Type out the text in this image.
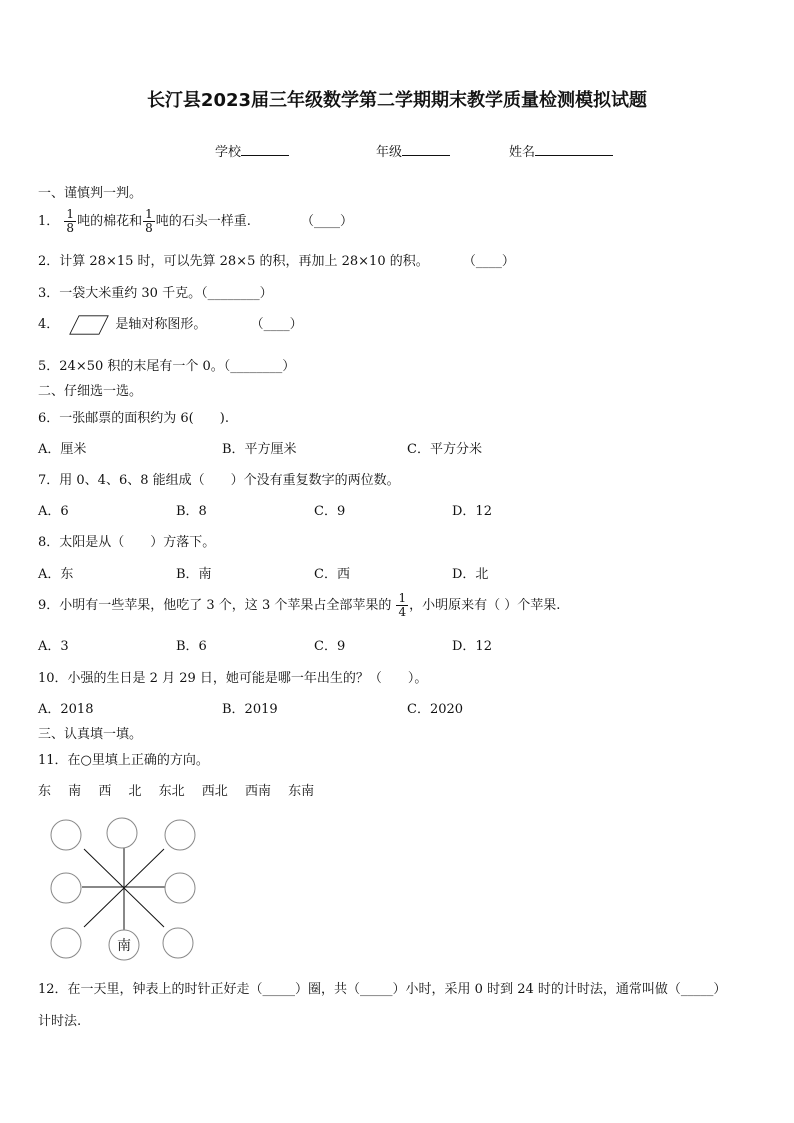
长汀县2023届三年级数学第二学期期末教学质量检测模拟试题
学校	年级	姓名
一、谨慎判一判。
1． $\frac{1}{8}$ 吨的棉花和 $\frac{1}{8}$ 吨的石头一样重.	（____）
2．计算 28×15 时，可以先算 28×5 的积，再加上 28×10 的积。	（____）
3．一袋大米重约 30 千克。（________）
4．	是轴对称图形。	（____）
5．24×50 积的末尾有一个 0。（________）
二、仔细选一选。
6．一张邮票的面积约为 6(　　).
A．厘米	B．平方厘米	C．平方分米
7．用 0、4、6、8 能组成（　　）个没有重复数字的两位数。
A．6	B．8	C．9	D．12
8．太阳是从（　　）方落下。
A．东	B．南	C．西	D．北
9．小明有一些苹果，他吃了 3 个，这 3 个苹果占全部苹果的 $\frac{1}{4}$ ，小明原来有（ ）个苹果.
A．3	B．6	C．9	D．12
10．小强的生日是 2 月 29 日，她可能是哪一年出生的？（　　）。
A．2018	B．2019	C．2020
三、认真填一填。
11．在○里填上正确的方向。
东 南 西 北 东北 西北 西南 东南
南
12．在一天里，钟表上的时针正好走（_____）圈，共（_____）小时，采用 0 时到 24 时的计时法，通常叫做（_____）
计时法.
